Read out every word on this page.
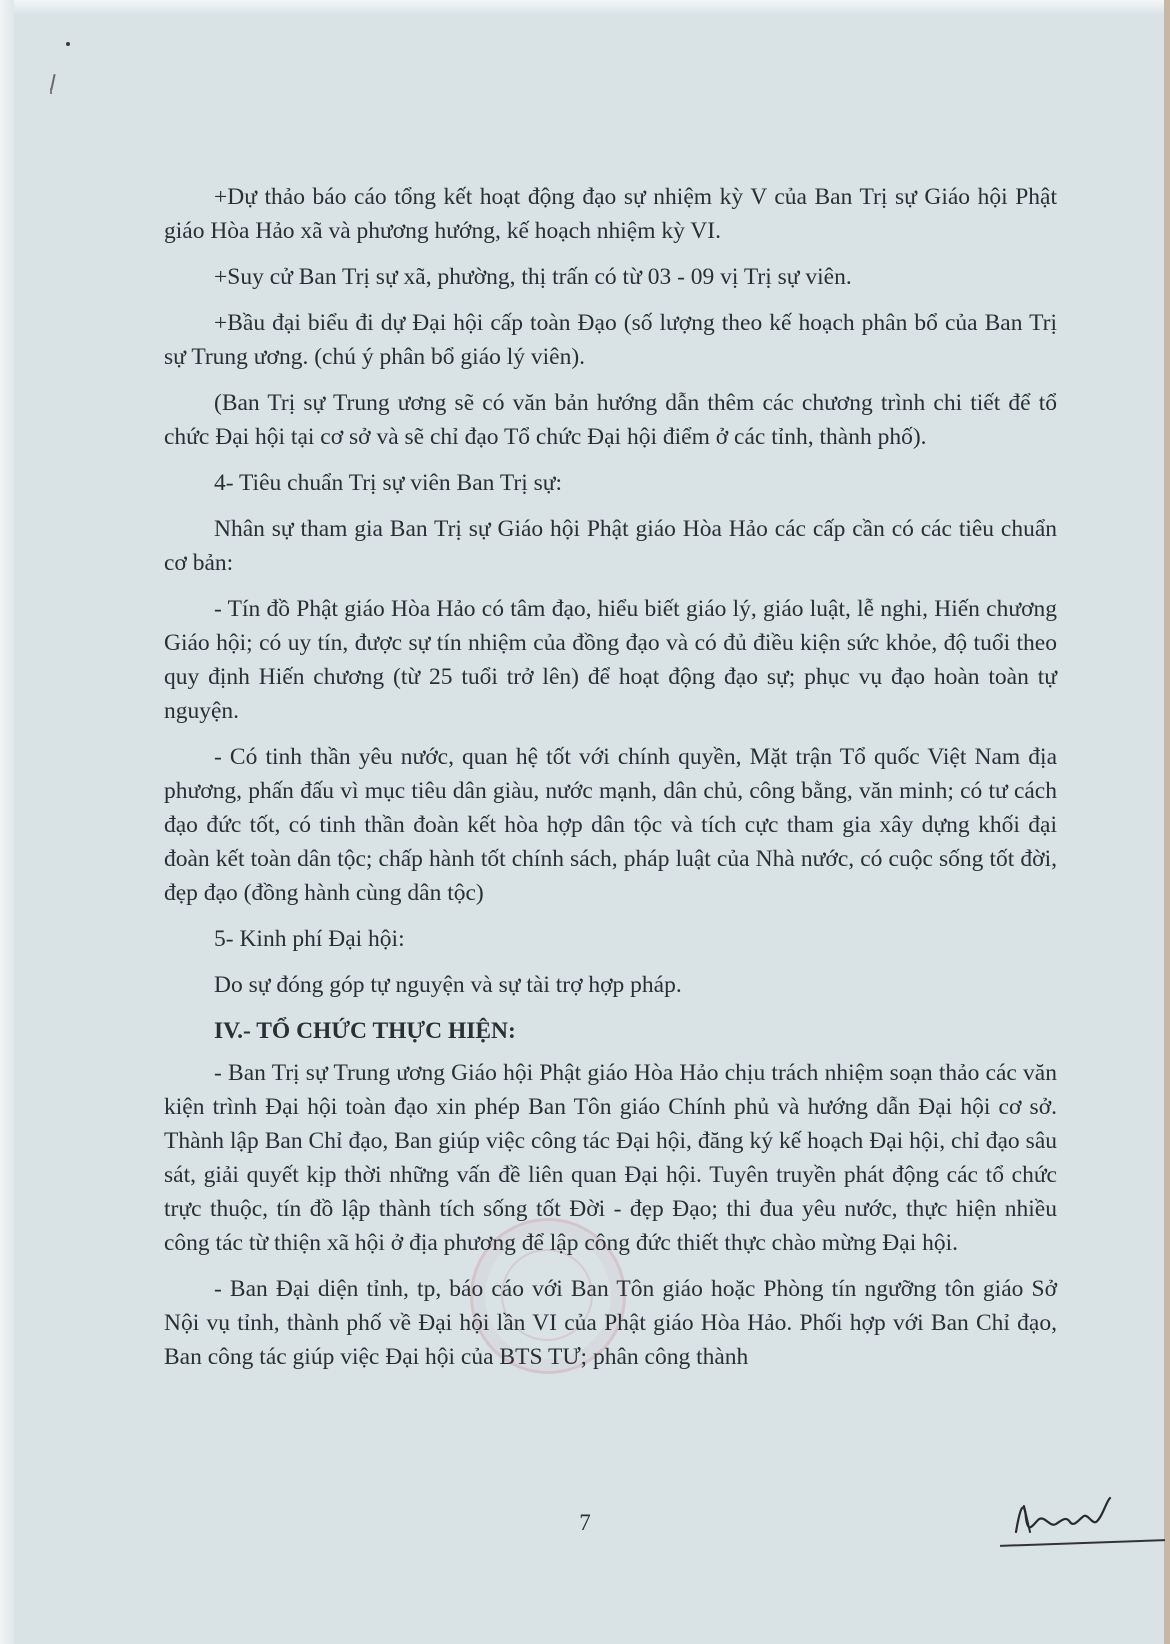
+Dự thảo báo cáo tổng kết hoạt động đạo sự nhiệm kỳ V của Ban Trị sự Giáo hội Phật giáo Hòa Hảo xã và phương hướng, kế hoạch nhiệm kỳ VI.

+Suy cử Ban Trị sự xã, phường, thị trấn có từ 03 - 09 vị Trị sự viên.

+Bầu đại biểu đi dự Đại hội cấp toàn Đạo (số lượng theo kế hoạch phân bổ của Ban Trị sự Trung ương. (chú ý phân bổ giáo lý viên).

(Ban Trị sự Trung ương sẽ có văn bản hướng dẫn thêm các chương trình chi tiết để tổ chức Đại hội tại cơ sở và sẽ chỉ đạo Tổ chức Đại hội điểm ở các tỉnh, thành phố).

4- Tiêu chuẩn Trị sự viên Ban Trị sự:

Nhân sự tham gia Ban Trị sự Giáo hội Phật giáo Hòa Hảo các cấp cần có các tiêu chuẩn cơ bản:

- Tín đồ Phật giáo Hòa Hảo có tâm đạo, hiểu biết giáo lý, giáo luật, lễ nghi, Hiến chương Giáo hội; có uy tín, được sự tín nhiệm của đồng đạo và có đủ điều kiện sức khỏe, độ tuổi theo quy định Hiến chương (từ 25 tuổi trở lên) để hoạt động đạo sự; phục vụ đạo hoàn toàn tự nguyện.

- Có tinh thần yêu nước, quan hệ tốt với chính quyền, Mặt trận Tổ quốc Việt Nam địa phương, phấn đấu vì mục tiêu dân giàu, nước mạnh, dân chủ, công bằng, văn minh; có tư cách đạo đức tốt, có tinh thần đoàn kết hòa hợp dân tộc và tích cực tham gia xây dựng khối đại đoàn kết toàn dân tộc; chấp hành tốt chính sách, pháp luật của Nhà nước, có cuộc sống tốt đời, đẹp đạo (đồng hành cùng dân tộc)

5- Kinh phí Đại hội:

Do sự đóng góp tự nguyện và sự tài trợ hợp pháp.

IV.- TỔ CHỨC THỰC HIỆN:

- Ban Trị sự Trung ương Giáo hội Phật giáo Hòa Hảo chịu trách nhiệm soạn thảo các văn kiện trình Đại hội toàn đạo xin phép Ban Tôn giáo Chính phủ và hướng dẫn Đại hội cơ sở. Thành lập Ban Chỉ đạo, Ban giúp việc công tác Đại hội, đăng ký kế hoạch Đại hội, chỉ đạo sâu sát, giải quyết kịp thời những vấn đề liên quan Đại hội. Tuyên truyền phát động các tổ chức trực thuộc, tín đồ lập thành tích sống tốt Đời - đẹp Đạo; thi đua yêu nước, thực hiện nhiều công tác từ thiện xã hội ở địa phương để lập công đức thiết thực chào mừng Đại hội.

- Ban Đại diện tỉnh, tp, báo cáo với Ban Tôn giáo hoặc Phòng tín ngưỡng tôn giáo Sở Nội vụ tỉnh, thành phố về Đại hội lần VI của Phật giáo Hòa Hảo. Phối hợp với Ban Chỉ đạo, Ban công tác giúp việc Đại hội của BTS TƯ; phân công thành

7
